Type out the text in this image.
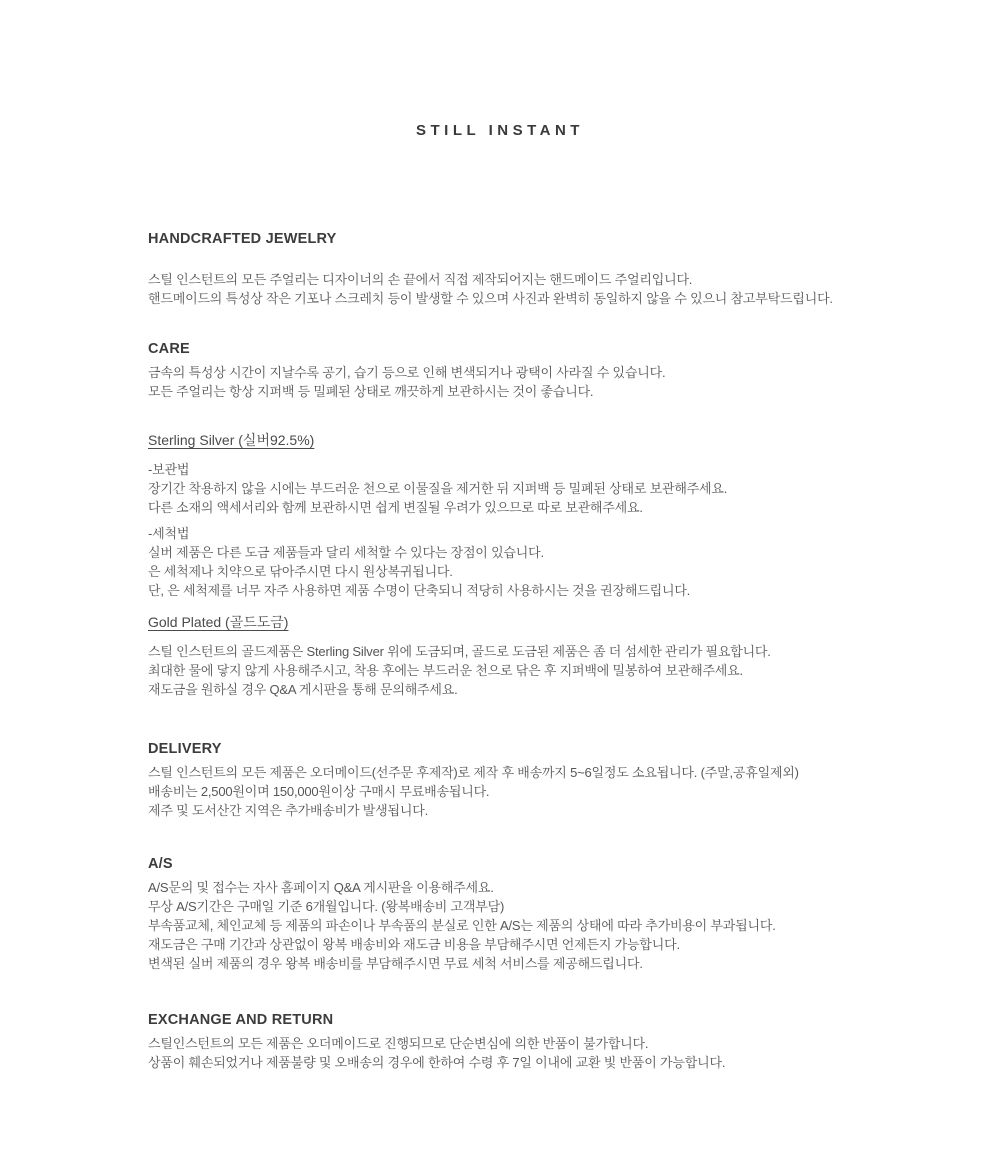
STILL INSTANT
HANDCRAFTED JEWELRY

스틸 인스턴트의 모든 주얼리는 디자이너의 손 끝에서 직접 제작되어지는 핸드메이드 주얼리입니다.

핸드메이드의 특성상 작은 기포나 스크레치 등이 발생할 수 있으며 사진과 완벽히 동일하지 않을 수 있으니 참고부탁드립니다.

CARE

금속의 특성상 시간이 지날수록 공기, 습기 등으로 인해 변색되거나 광택이 사라질 수 있습니다.

모든 주얼리는 항상 지퍼백 등 밀폐된 상태로 깨끗하게 보관하시는 것이 좋습니다.

Sterling Silver (실버92.5%)

-보관법

장기간 착용하지 않을 시에는 부드러운 천으로 이물질을 제거한 뒤 지퍼백 등 밀폐된 상태로 보관해주세요.

다른 소재의 액세서리와 함께 보관하시면 쉽게 변질될 우려가 있으므로 따로 보관해주세요.

-세척법

실버 제품은 다른 도금 제품들과 달리 세척할 수 있다는 장점이 있습니다.

은 세척제나 치약으로 닦아주시면 다시 원상복귀됩니다.

단, 은 세척제를 너무 자주 사용하면 제품 수명이 단축되니 적당히 사용하시는 것을 권장해드립니다.

Gold Plated (골드도금)

스틸 인스턴트의 골드제품은 Sterling Silver 위에 도금되며, 골드로 도금된 제품은 좀 더 섬세한 관리가 필요합니다.

최대한 물에 닿지 않게 사용해주시고, 착용 후에는 부드러운 천으로 닦은 후 지퍼백에 밀봉하여 보관해주세요.

재도금을 원하실 경우 Q&A 게시판을 통해 문의해주세요.

DELIVERY

스틸 인스턴트의 모든 제품은 오더메이드(선주문 후제작)로 제작 후 배송까지 5~6일정도 소요됩니다. (주말,공휴일제외)

배송비는 2,500원이며 150,000원이상 구매시 무료배송됩니다.

제주 및 도서산간 지역은 추가배송비가 발생됩니다.

A/S

A/S문의 및 접수는 자사 홈페이지 Q&A 게시판을 이용해주세요.

무상 A/S기간은 구매일 기준 6개월입니다. (왕복배송비 고객부담)

부속품교체, 체인교체 등 제품의 파손이나 부속품의 분실로 인한 A/S는 제품의 상태에 따라 추가비용이 부과됩니다.

재도금은 구매 기간과 상관없이 왕복 배송비와 재도금 비용을 부담해주시면 언제든지 가능합니다.

변색된 실버 제품의 경우 왕복 배송비를 부담해주시면 무료 세척 서비스를 제공해드립니다.

EXCHANGE AND RETURN

스틸인스턴트의 모든 제품은 오더메이드로 진행되므로 단순변심에 의한 반품이 불가합니다.

상품이 훼손되었거나 제품불량 및 오배송의 경우에 한하여 수령 후 7일 이내에 교환 빛 반품이 가능합니다.
